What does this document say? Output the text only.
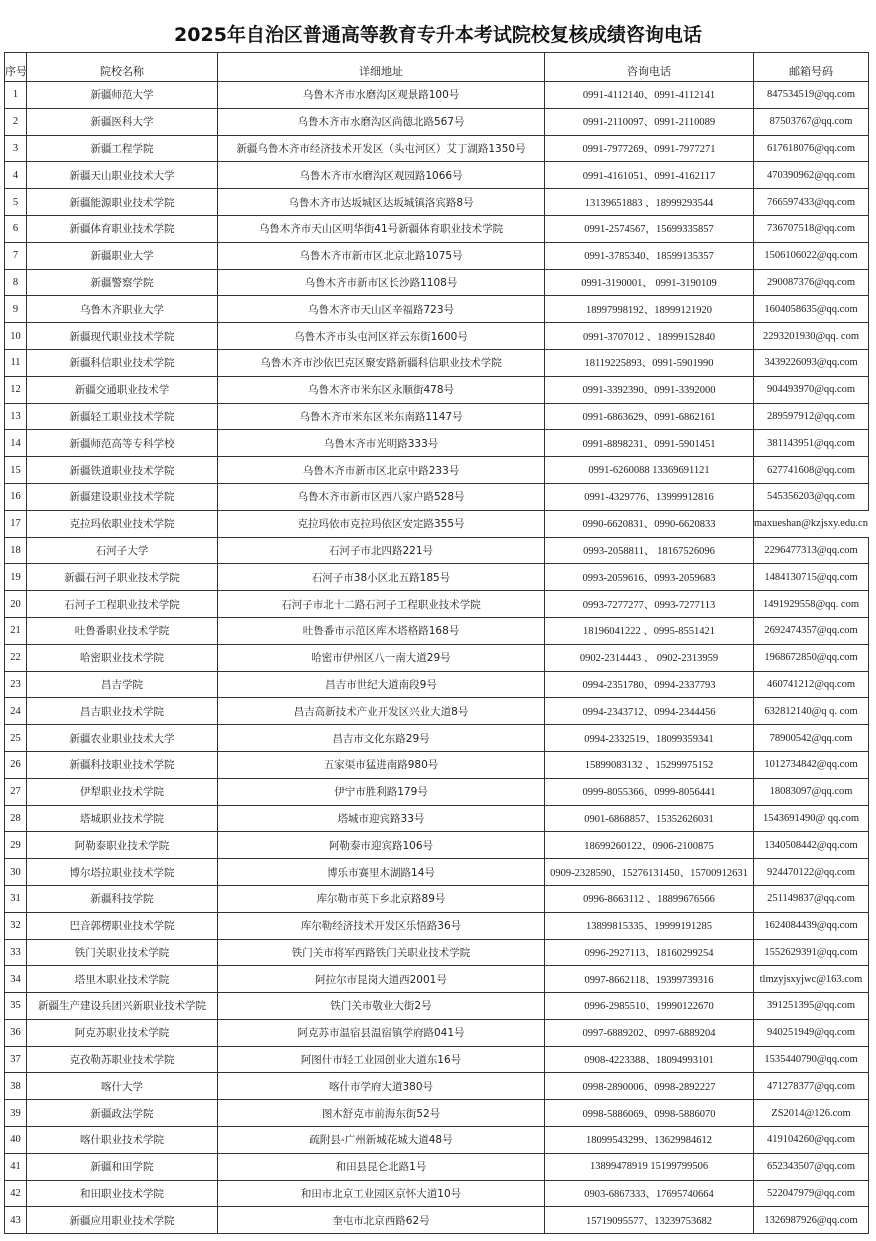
2025年自治区普通高等教育专升本考试院校复核成绩咨询电话
序号	院校名称	详细地址	咨询电话	邮箱号码
1	新疆师范大学	乌鲁木齐市水磨沟区观景路100号	0991-4112140、0991-4112141	847534519@qq.com
2	新疆医科大学	乌鲁木齐市水磨沟区尚德北路567号	0991-2110097、0991-2110089	87503767@qq.com
3	新疆工程学院	新疆乌鲁木齐市经济技术开发区（头屯河区）艾丁湖路1350号	0991-7977269、0991-7977271	617618076@qq.com
4	新疆天山职业技术大学	乌鲁木齐市水磨沟区观园路1066号	0991-4161051、0991-4162117	470390962@qq.com
5	新疆能源职业技术学院	乌鲁木齐市达坂城区达坂城镇洛宾路8号	13139651883 、18999293544	766597433@qq.com
6	新疆体育职业技术学院	乌鲁木齐市天山区明华街41号新疆体育职业技术学院	0991-2574567，15699335857	736707518@qq.com
7	新疆职业大学	乌鲁木齐市新市区北京北路1075号	0991-3785340、18599135357	1506106022@qq.com
8	新疆警察学院	乌鲁木齐市新市区长沙路1108号	0991-3190001、 0991-3190109	290087376@qq.com
9	乌鲁木齐职业大学	乌鲁木齐市天山区辛福路723号	18997998192、18999121920	1604058635@qq.com
10	新疆现代职业技术学院	乌鲁木齐市头屯河区祥云东街1600号	0991-3707012 、18999152840	2293201930@qq. com
11	新疆科信职业技术学院	乌鲁木齐市沙依巴克区聚安路新疆科信职业技术学院	18119225893、0991-5901990	3439226093@qq.com
12	新疆交通职业技术学	乌鲁木齐市米东区永顺街478号	0991-3392390、0991-3392000	904493970@qq.com
13	新疆轻工职业技术学院	乌鲁木齐市米东区米东南路1147号	0991-6863629、0991-6862161	289597912@qq.com
14	新疆师范高等专科学校	乌鲁木齐市光明路333号	0991-8898231、0991-5901451	381143951@qq.com
15	新疆铁道职业技术学院	乌鲁木齐市新市区北京中路233号	0991-6260088 13369691121	627741608@qq.com
16	新疆建设职业技术学院	乌鲁木齐市新市区西八家户路528号	0991-4329776、13999912816	545356203@qq.com
17	克拉玛依职业技术学院	克拉玛依市克拉玛依区安定路355号	0990-6620831、0990-6620833	maxueshan@kzjsxy.edu.cn
18	石河子大学	石河子市北四路221号	0993-2058811、 18167526096	2296477313@qq.com
19	新疆石河子职业技术学院	石河子市38小区北五路185号	0993-2059616、0993-2059683	1484130715@qq.com
20	石河子工程职业技术学院	石河子市北十二路石河子工程职业技术学院	0993-7277277、0993-7277113	1491929558@qq. com
21	吐鲁番职业技术学院	吐鲁番市示范区库木塔格路168号	18196041222 、0995-8551421	2692474357@qq.com
22	哈密职业技术学院	哈密市伊州区八一南大道29号	0902-2314443 、 0902-2313959	1968672850@qq.com
23	昌吉学院	昌吉市世纪大道南段9号	0994-2351780、0994-2337793	460741212@qq.com
24	昌吉职业技术学院	昌吉高新技术产业开发区兴业大道8号	0994-2343712、0994-2344456	632812140@q q. com
25	新疆农业职业技术大学	昌吉市文化东路29号	0994-2332519、18099359341	78900542@qq.com
26	新疆科技职业技术学院	五家渠市猛进南路980号	15899083132 、15299975152	1012734842@qq.com
27	伊犁职业技术学院	伊宁市胜利路179号	0999-8055366、0999-8056441	18083097@qq.com
28	塔城职业技术学院	塔城市迎宾路33号	0901-6868857、15352626031	1543691490@ qq.com
29	阿勒泰职业技术学院	阿勒泰市迎宾路106号	18699260122、0906-2100875	1340508442@qq.com
30	博尔塔拉职业技术学院	博乐市赛里木湖路14号	0909-2328590、15276131450、15700912631	924470122@qq.com
31	新疆科技学院	库尔勒市英下乡北京路89号	0996-8663112 、18899676566	251149837@qq.com
32	巴音郭楞职业技术学院	库尔勒经济技术开发区乐悟路36号	13899815335、19999191285	1624084439@qq.com
33	铁门关职业技术学院	铁门关市将军西路铁门关职业技术学院	0996-2927113、18160299254	1552629391@qq.com
34	塔里木职业技术学院	阿拉尔市昆岗大道西2001号	0997-8662118、19399739316	tlmzyjsxyjwc@163.com
35	新疆生产建设兵团兴新职业技术学院	铁门关市敬业大街2号	0996-2985510、19990122670	391251395@qq.com
36	阿克苏职业技术学院	阿克苏市温宿县温宿镇学府路041号	0997-6889202、0997-6889204	940251949@qq.com
37	克孜勒苏职业技术学院	阿图什市轻工业园创业大道东16号	0908-4223388、18094993101	1535440790@qq.com
38	喀什大学	喀什市学府大道380号	0998-2890006、0998-2892227	471278377@qq.com
39	新疆政法学院	图木舒克市前海东街52号	0998-5886069、0998-5886070	ZS2014@126.com
40	喀什职业技术学院	疏附县-广州新城花城大道48号	18099543299、13629984612	419104260@qq.com
41	新疆和田学院	和田县昆仑北路1号	13899478919 15199799506	652343507@qq.com
42	和田职业技术学院	和田市北京工业园区京怀大道10号	0903-6867333、17695740664	522047979@qq.com
43	新疆应用职业技术学院	奎屯市北京西路62号	15719095577、13239753682	1326987926@qq.com
